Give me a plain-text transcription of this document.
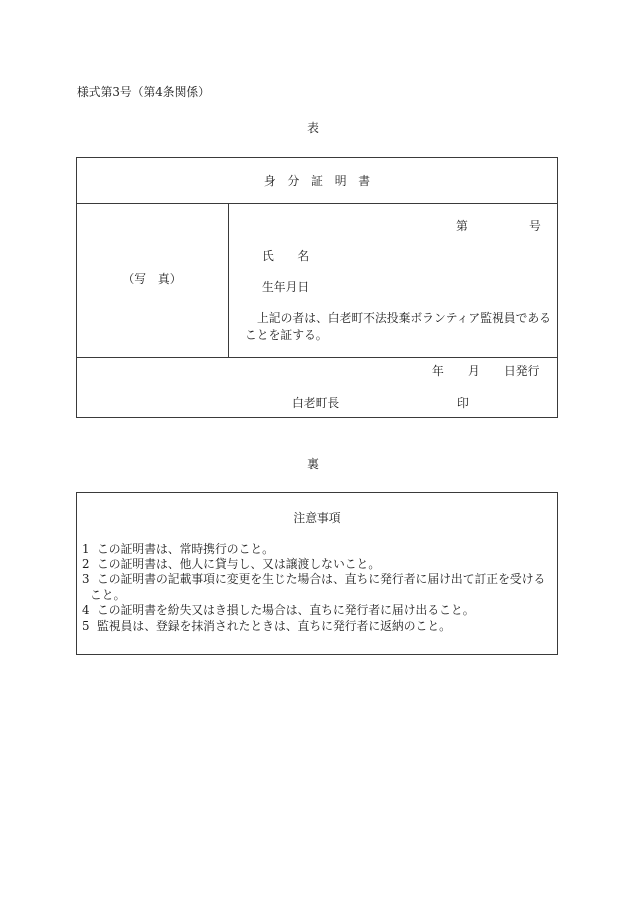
様式第3号（第4条関係）
表
身　分　証　明　書
（写　真）
第	号
氏　　名
生年月日
上記の者は、白老町不法投棄ボランティア監視員である
ことを証する。
年 月 日発行
白老町長	印
裏
注意事項
1 この証明書は、常時携行のこと。
2 この証明書は、他人に貸与し、又は譲渡しないこと。
3 この証明書の記載事項に変更を生じた場合は、直ちに発行者に届け出て訂正を受ける
こと。
4 この証明書を紛失又はき損した場合は、直ちに発行者に届け出ること。
5 監視員は、登録を抹消されたときは、直ちに発行者に返納のこと。
